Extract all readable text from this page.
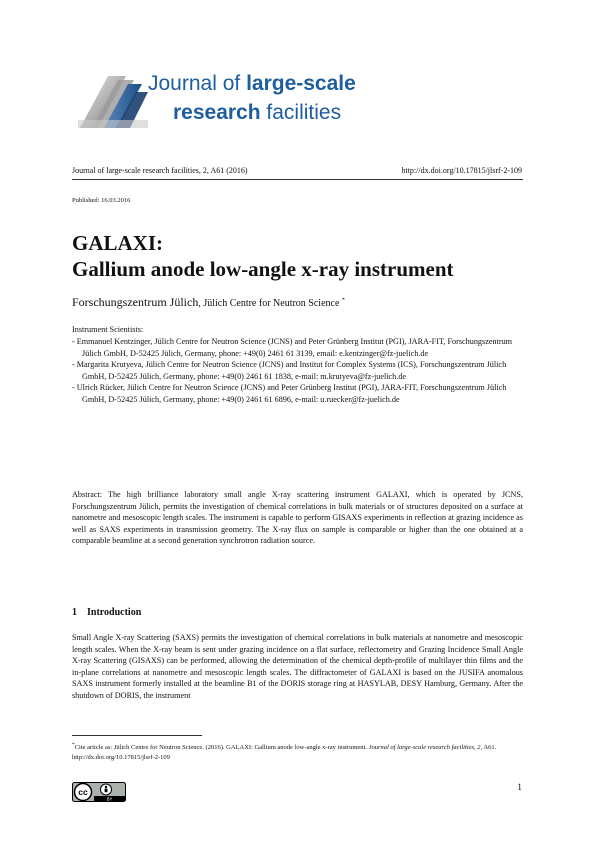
Journal of large-scale
research facilities
Journal of large-scale research facilities, 2, A61 (2016)	http://dx.doi.org/10.17815/jlsrf-2-109
Published: 16.03.2016
GALAXI:
Gallium anode low-angle x-ray instrument
Forschungszentrum Jülich, Jülich Centre for Neutron Science *
Instrument Scientists:
- Emmanuel Kentzinger, Jülich Centre for Neutron Science (JCNS) and Peter Grünberg Institut (PGI), JARA-FIT, Forschungszentrum Jülich GmbH, D-52425 Jülich, Germany, phone: +49(0) 2461 61 3139, email: e.kentzinger@fz-juelich.de
- Margarita Krutyeva, Jülich Centre for Neutron Science (JCNS) and Institut for Complex Systems (ICS), Forschungszentrum Jülich GmbH, D-52425 Jülich, Germany, phone: +49(0) 2461 61 1838, e-mail: m.krutyeva@fz-juelich.de
- Ulrich Rücker, Jülich Centre for Neutron Science (JCNS) and Peter Grünberg Institut (PGI), JARA-FIT, Forschungszentrum Jülich GmbH, D-52425 Jülich, Germany, phone: +49(0) 2461 61 6896, e-mail: u.ruecker@fz-juelich.de
Abstract: The high brilliance laboratory small angle X-ray scattering instrument GALAXI, which is operated by JCNS, Forschungszentrum Jülich, permits the investigation of chemical correlations in bulk materials or of structures deposited on a surface at nanometre and mesoscopic length scales. The instrument is capable to perform GISAXS experiments in reflection at grazing incidence as well as SAXS experiments in transmission geometry. The X-ray flux on sample is comparable or higher than the one obtained at a comparable beamline at a second generation synchrotron radiation source.
1 Introduction
Small Angle X-ray Scattering (SAXS) permits the investigation of chemical correlations in bulk materials at nanometre and mesoscopic length scales. When the X-ray beam is sent under grazing incidence on a flat surface, reflectometry and Grazing Incidence Small Angle X-ray Scattering (GISAXS) can be performed, allowing the determination of the chemical depth-profile of multilayer thin films and the in-plane correlations at nanometre and mesoscopic length scales. The diffractometer of GALAXI is based on the JUSIFA anomalous SAXS instrument formerly installed at the beamline B1 of the DORIS storage ring at HASYLAB, DESY Hamburg, Germany. After the shutdown of DORIS, the instrument
*Cite article as: Jülich Centre for Neutron Science. (2016). GALAXI: Gallium anode low-angle x-ray instrument. Journal of large-scale research facilities, 2, A61. http://dx.doi.org/10.17815/jlsrf-2-109
cc
BY
1
